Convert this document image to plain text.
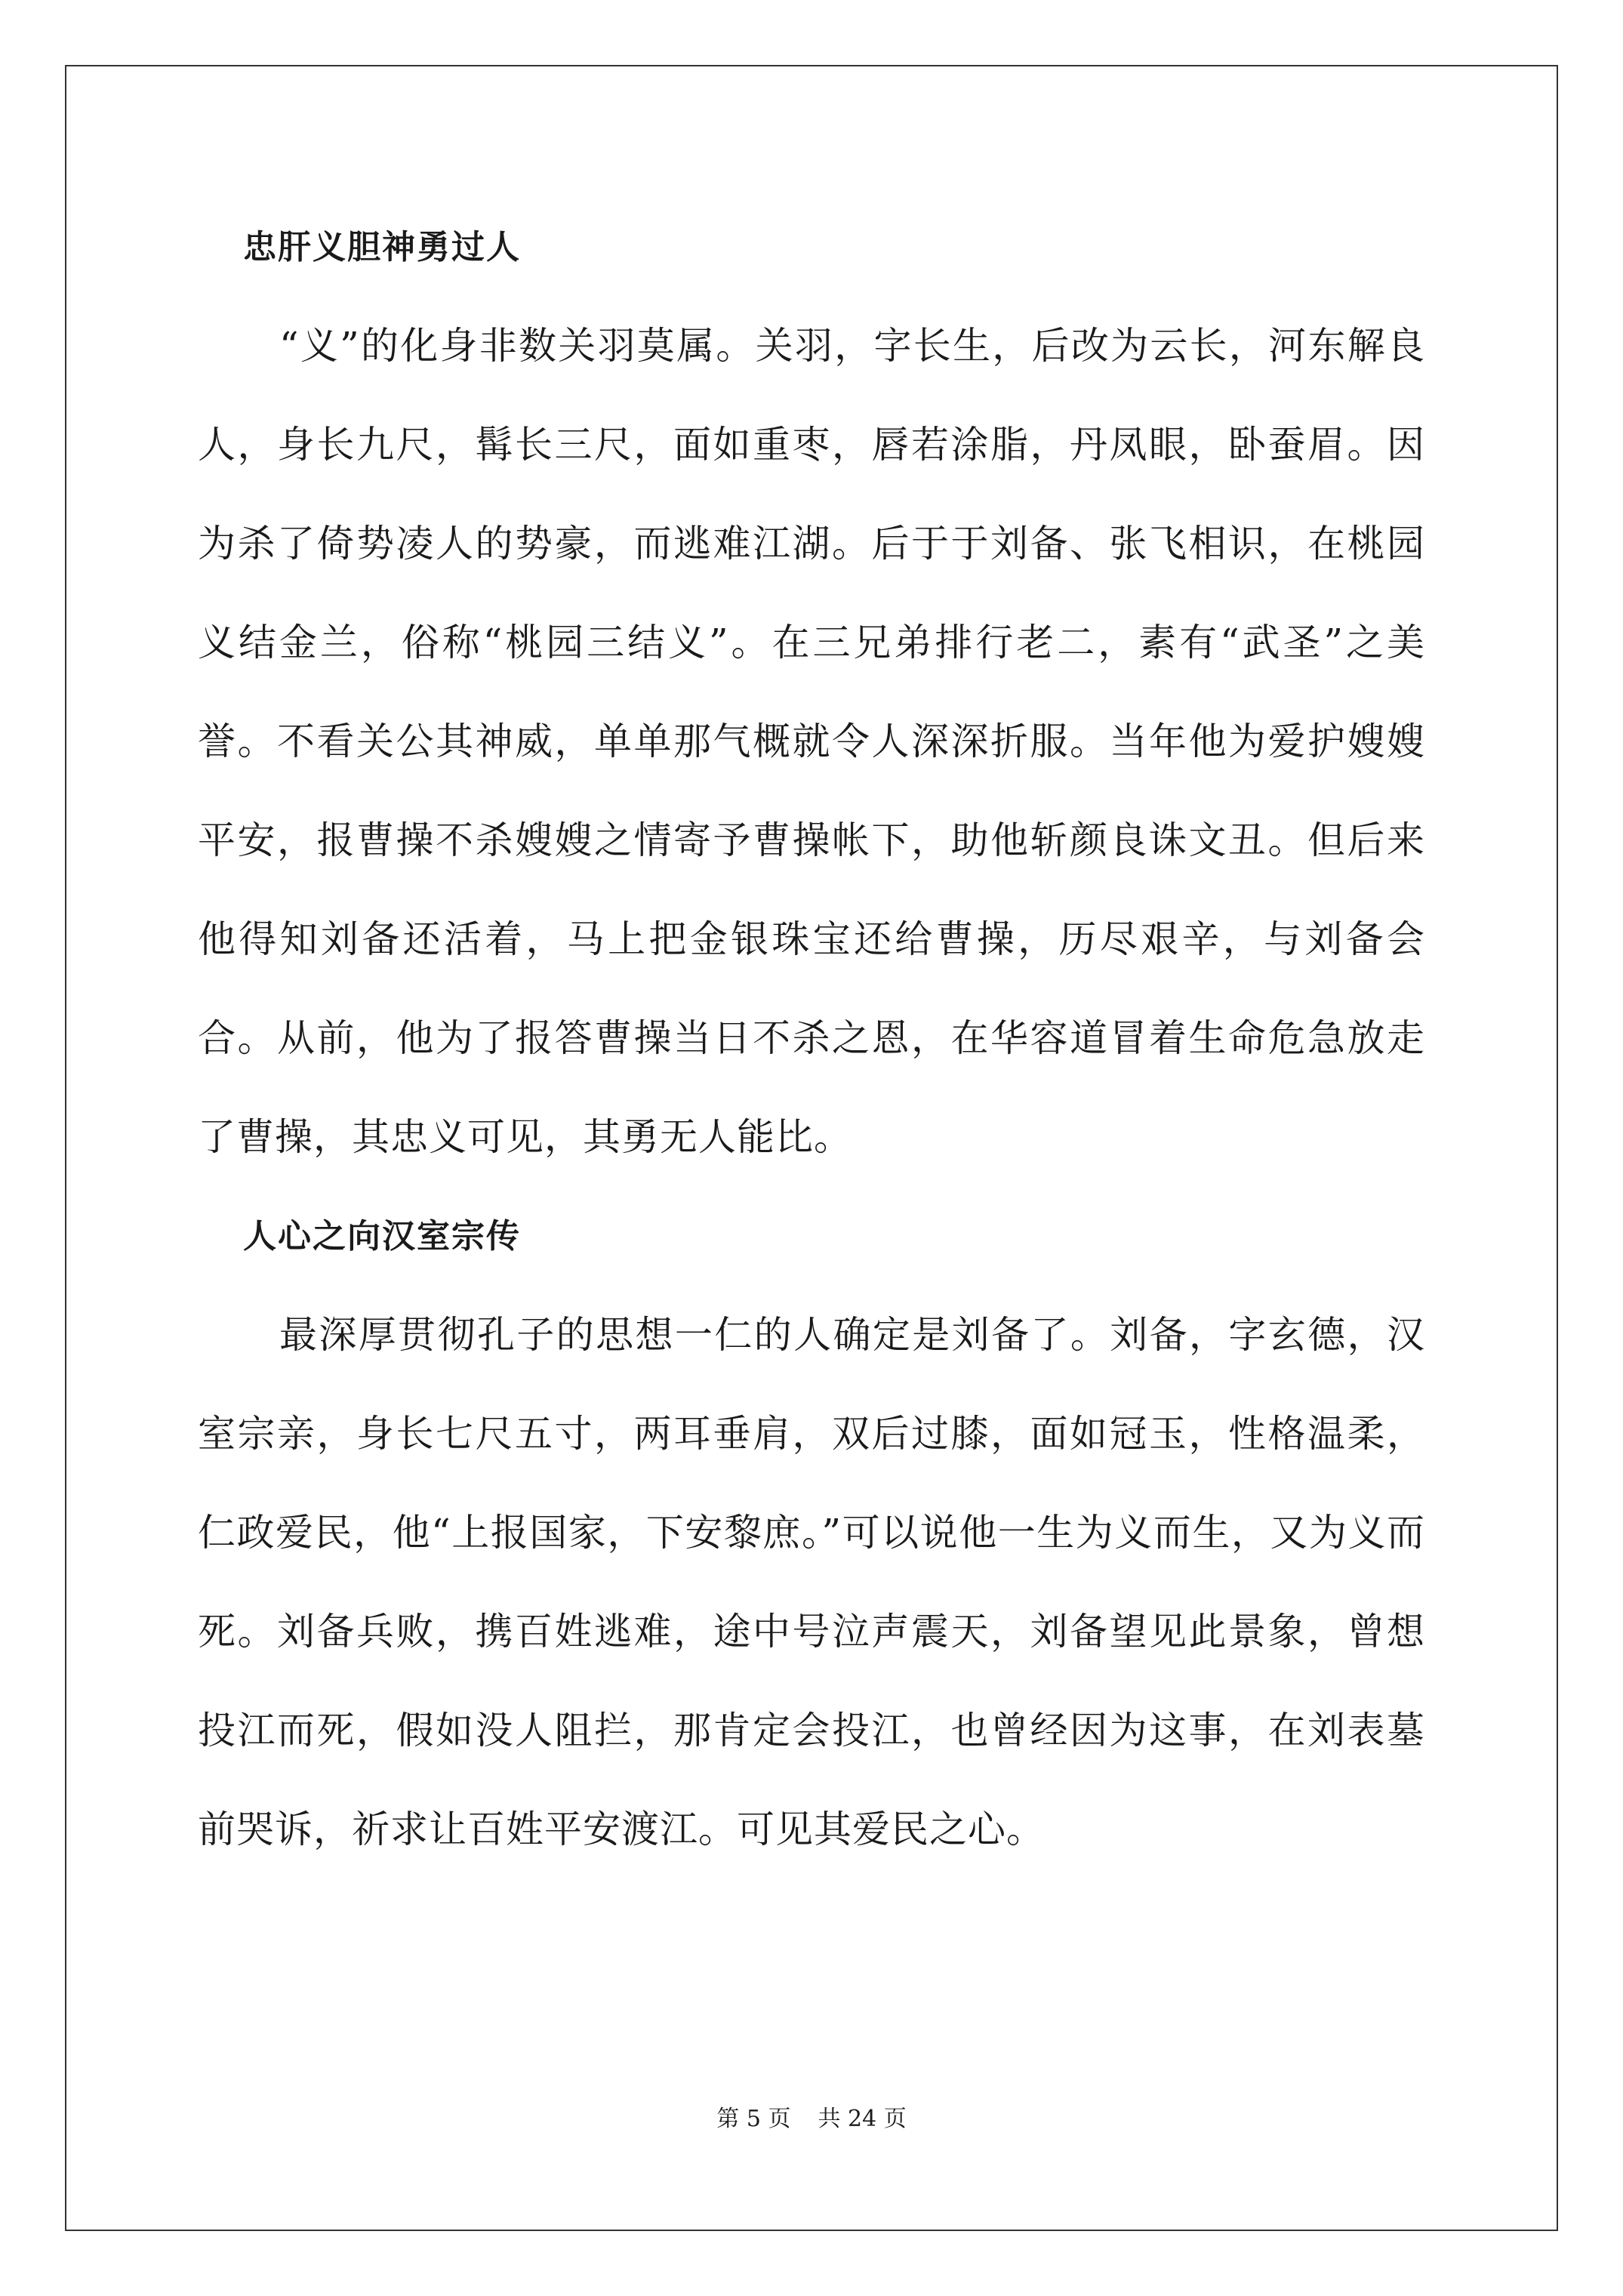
忠肝义胆神勇过人

“义”的化身非数关羽莫属。关羽，字长生，后改为云长，河东解良人，身长九尺，髯长三尺，面如重枣，唇若涂脂，丹凤眼，卧蚕眉。因为杀了倚势凌人的势豪，而逃难江湖。后于于刘备、张飞相识，在桃园义结金兰，俗称“桃园三结义”。在三兄弟排行老二，素有“武圣”之美誉。不看关公其神威，单单那气概就令人深深折服。当年他为爱护嫂嫂平安，报曹操不杀嫂嫂之情寄予曹操帐下，助他斩颜良诛文丑。但后来他得知刘备还活着，马上把金银珠宝还给曹操，历尽艰辛，与刘备会合。从前，他为了报答曹操当日不杀之恩，在华容道冒着生命危急放走了曹操，其忠义可见，其勇无人能比。

人心之向汉室宗传

最深厚贯彻孔子的思想一仁的人确定是刘备了。刘备，字玄德，汉室宗亲，身长七尺五寸，两耳垂肩，双后过膝，面如冠玉，性格温柔，仁政爱民，他“上报国家，下安黎庶。”可以说他一生为义而生，又为义而死。刘备兵败，携百姓逃难，途中号泣声震天，刘备望见此景象，曾想投江而死，假如没人阻拦，那肯定会投江，也曾经因为这事，在刘表墓前哭诉，祈求让百姓平安渡江。可见其爱民之心。

第 5 页 共 24 页
